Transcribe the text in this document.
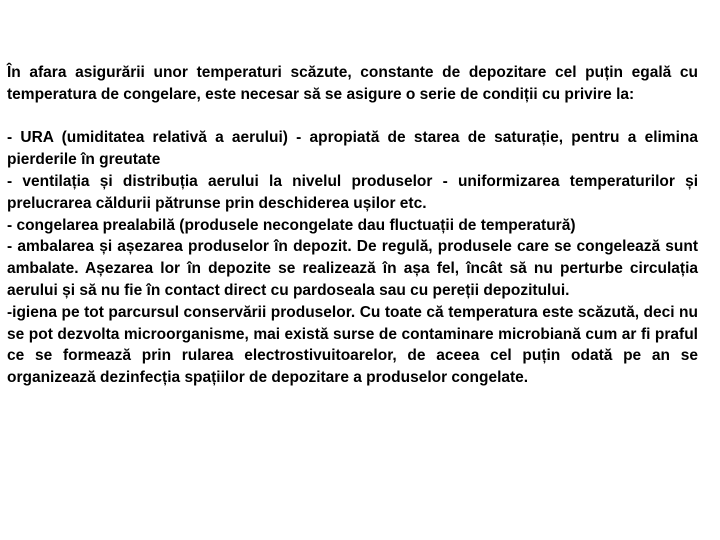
În afara asigurării unor temperaturi scăzute, constante de depozitare cel puțin egală cu temperatura de congelare, este necesar să se asigure o serie de condiții cu privire la:

- URA (umiditatea relativă a aerului) - apropiată de starea de saturație, pentru a elimina pierderile în greutate

- ventilația și distribuția aerului la nivelul produselor - uniformizarea temperaturilor și prelucrarea căldurii pătrunse prin deschiderea ușilor etc.

- congelarea prealabilă (produsele necongelate dau fluctuații de temperatură)

- ambalarea și așezarea produselor în depozit. De regulă, produsele care se congelează sunt ambalate. Așezarea lor în depozite se realizează în așa fel, încât să nu perturbe circulația aerului și să nu fie în contact direct cu pardoseala sau cu pereții depozitului.

-igiena pe tot parcursul conservării produselor. Cu toate că temperatura este scăzută, deci nu se pot dezvolta microorganisme, mai există surse de contaminare microbiană cum ar fi praful ce se formează prin rularea electrostivuitoarelor, de aceea cel puțin odată pe an se organizează dezinfecția spațiilor de depozitare a produselor congelate.
